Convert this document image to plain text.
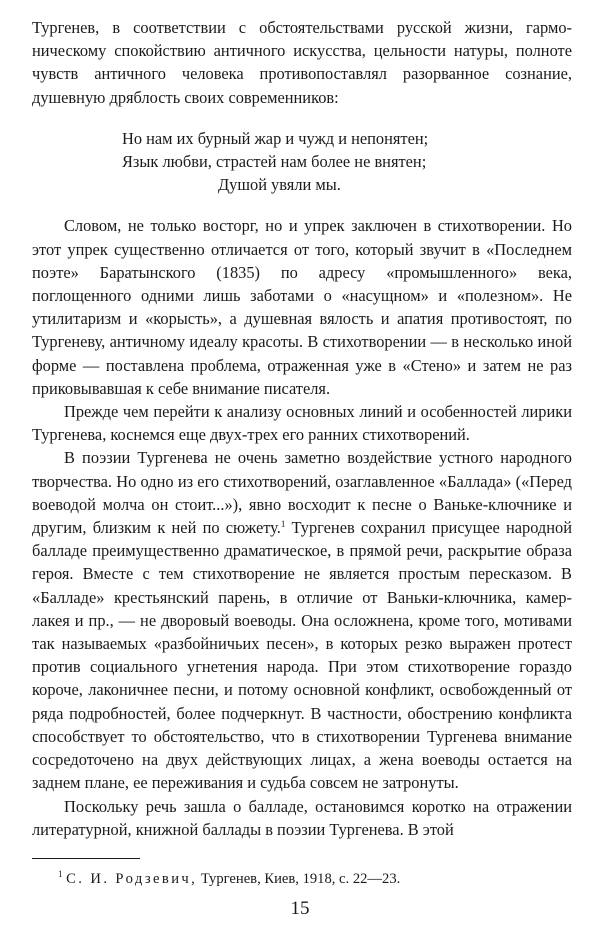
Тургенев, в соответствии с обстоятельствами русской жизни, гармоническому спокойствию античного искусства, цельности натуры, полноте чувств античного человека противопоставлял разорванное сознание, душевную дряблость своих современников:

Но нам их бурный жар и чужд и непонятен;
Язык любви, страстей нам более не внятен;
Душой увяли мы.

Словом, не только восторг, но и упрек заключен в стихотворении. Но этот упрек существенно отличается от того, который звучит в «Последнем поэте» Баратынского (1835) по адресу «промышленного» века, поглощенного одними лишь заботами о «насущном» и «полезном». Не утилитаризм и «корысть», а душевная вялость и апатия противостоят, по Тургеневу, античному идеалу красоты. В стихотворении — в несколько иной форме — поставлена проблема, отраженная уже в «Стено» и затем не раз приковывавшая к себе внимание писателя.

Прежде чем перейти к анализу основных линий и особенностей лирики Тургенева, коснемся еще двух-трех его ранних стихотворений.

В поэзии Тургенева не очень заметно воздействие устного народного творчества. Но одно из его стихотворений, озаглавленное «Баллада» («Перед воеводой молча он стоит...»), явно восходит к песне о Ваньке-ключнике и другим, близким к ней по сюжету.$^1$ Тургенев сохранил присущее народной балладе преимущественно драматическое, в прямой речи, раскрытие образа героя. Вместе с тем стихотворение не является простым пересказом. В «Балладе» крестьянский парень, в отличие от Ваньки-ключника, камер-лакея и пр., — не дворовый воеводы. Она осложнена, кроме того, мотивами так называемых «разбойничьих песен», в которых резко выражен протест против социального угнетения народа. При этом стихотворение гораздо короче, лаконичнее песни, и потому основной конфликт, освобожденный от ряда подробностей, более подчеркнут. В частности, обострению конфликта способствует то обстоятельство, что в стихотворении Тургенева внимание сосредоточено на двух действующих лицах, а жена воеводы остается на заднем плане, ее переживания и судьба совсем не затронуты.

Поскольку речь зашла о балладе, остановимся коротко на отражении литературной, книжной баллады в поэзии Тургенева. В этой

$^1$ С. И. Родзевич, Тургенев, Киев, 1918, с. 22—23.
15
